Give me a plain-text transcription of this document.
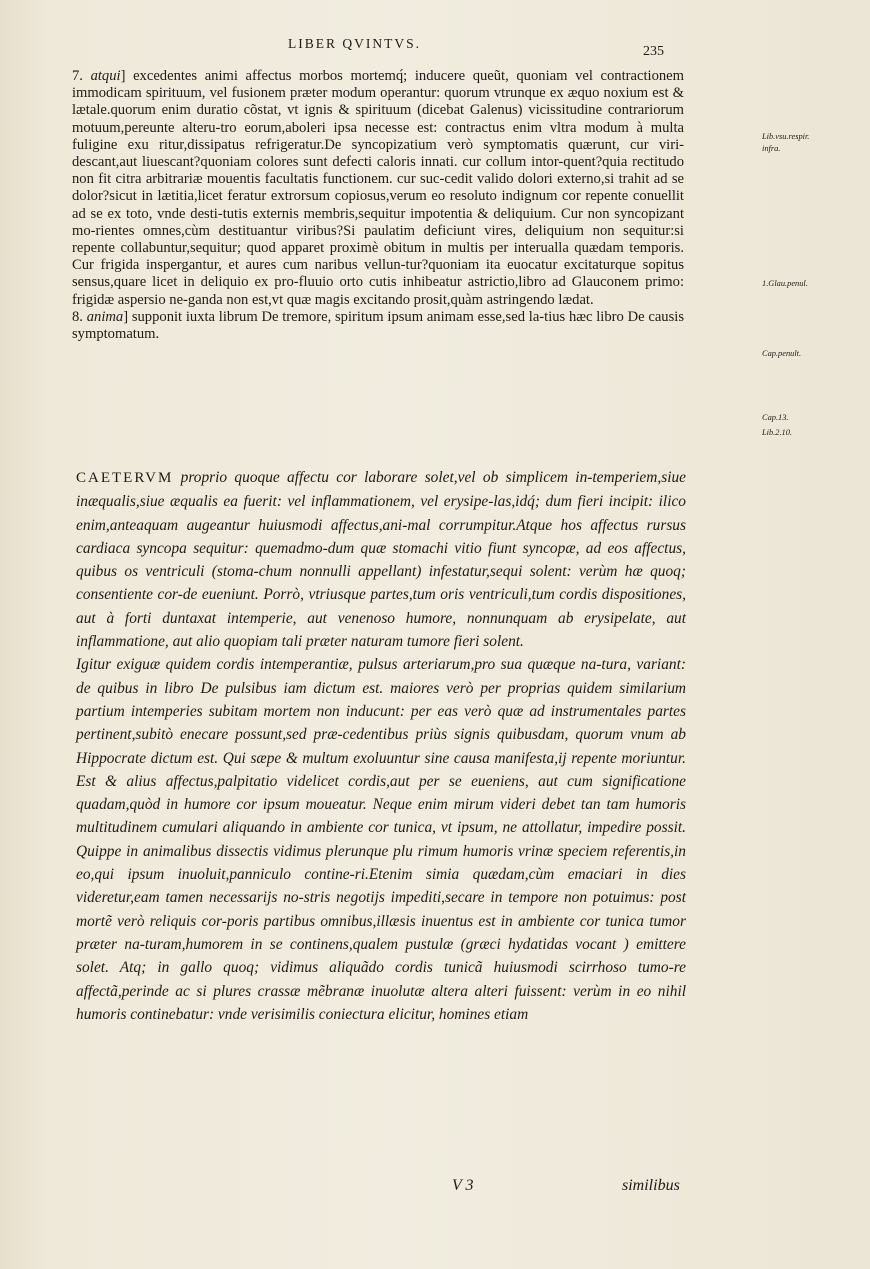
LIBER QVINTVS.
235

7. atqui] excedentes animi affectus morbos mortemq́; inducere queũt, quoniam vel contractionem immodicam spirituum, vel fusionem præter modum operantur: quorum vtrunque ex æquo noxium est & lætale.quorum enim duratio cõstat, vt ignis & spirituum (dicebat Galenus) vicissitudine contrariorum motuum,pereunte alteru-tro eorum,aboleri ipsa necesse est: contractus enim vltra modum à multa fuligine exu ritur,dissipatus refrigeratur.De syncopizatium verò symptomatis quærunt, cur viri-descant,aut liuescant?quoniam colores sunt defecti caloris innati. cur collum intor-quent?quia rectitudo non fit citra arbitrariæ mouentis facultatis functionem. cur suc-cedit valido dolori externo,si trahit ad se dolor?sicut in lætitia,licet feratur extrorsum copiosus,verum eo resoluto indignum cor repente conuellit ad se ex toto, vnde desti-tutis externis membris,sequitur impotentia & deliquium. Cur non syncopizant mo-rientes omnes,cùm destituantur viribus?Si paulatim deficiunt vires, deliquium non sequitur:si repente collabuntur,sequitur; quod apparet proximè obitum in multis per interualla quædam temporis. Cur frigida inspergantur, et aures cum naribus vellun-tur?quoniam ita euocatur excitaturque sopitus sensus,quare licet in deliquio ex pro-fluuio orto cutis inhibeatur astrictio,libro ad Glauconem primo: frigidæ aspersio ne-ganda non est,vt quæ magis excitando prosit,quàm astringendo lædat.

8. anima] supponit iuxta librum De tremore, spiritum ipsum animam esse,sed la-tius hæc libro De causis symptomatum.

Lib.vsu.respir.
infra.
1.Glau.penul.
Cap.penult.
Cap.13.
Lib.2.10.

CAETERVM proprio quoque affectu cor laborare solet,vel ob simplicem in-temperiem,siue inæqualis,siue æqualis ea fuerit: vel inflammationem, vel erysipe-las,idq́; dum fieri incipit: ilico enim,anteaquam augeantur huiusmodi affectus,ani-mal corrumpitur.Atque hos affectus rursus cardiaca syncopa sequitur: quemadmo-dum quæ stomachi vitio fiunt syncopæ, ad eos affectus, quibus os ventriculi (stoma-chum nonnulli appellant) infestatur,sequi solent: verùm hæ quoq; consentiente cor-de eueniunt. Porrò, vtriusque partes,tum oris ventriculi,tum cordis dispositiones, aut à forti duntaxat intemperie, aut venenoso humore, nonnunquam ab erysipelate, aut inflammatione, aut alio quopiam tali præter naturam tumore fieri solent.

Igitur exiguæ quidem cordis intemperantiæ, pulsus arteriarum,pro sua quæque na-tura, variant: de quibus in libro De pulsibus iam dictum est. maiores verò per proprias quidem similarium partium intemperies subitam mortem non inducunt: per eas verò quæ ad instrumentales partes pertinent,subitò enecare possunt,sed præ-cedentibus priùs signis quibusdam, quorum vnum ab Hippocrate dictum est. Qui sæpe & multum exoluuntur sine causa manifesta,ij repente moriuntur. Est & alius affectus,palpitatio videlicet cordis,aut per se eueniens, aut cum significatione quadam,quòd in humore cor ipsum moueatur. Neque enim mirum videri debet tan tam humoris multitudinem cumulari aliquando in ambiente cor tunica, vt ipsum, ne attollatur, impedire possit. Quippe in animalibus dissectis vidimus plerunque plu rimum humoris vrinæ speciem referentis,in eo,qui ipsum inuoluit,panniculo contine-ri.Etenim simia quædam,cùm emaciari in dies videretur,eam tamen necessarijs no-stris negotijs impediti,secare in tempore non potuimus: post mortẽ verò reliquis cor-poris partibus omnibus,illæsis inuentus est in ambiente cor tunica tumor præter na-turam,humorem in se continens,qualem pustulæ (græci hydatidas vocant ) emittere solet. Atq; in gallo quoq; vidimus aliquãdo cordis tunicã huiusmodi scirrhoso tumo-re affectã,perinde ac si plures crassæ mẽbranæ inuolutæ altera alteri fuissent: verùm in eo nihil humoris continebatur: vnde verisimilis coniectura elicitur, homines etiam

V 3	similibus
